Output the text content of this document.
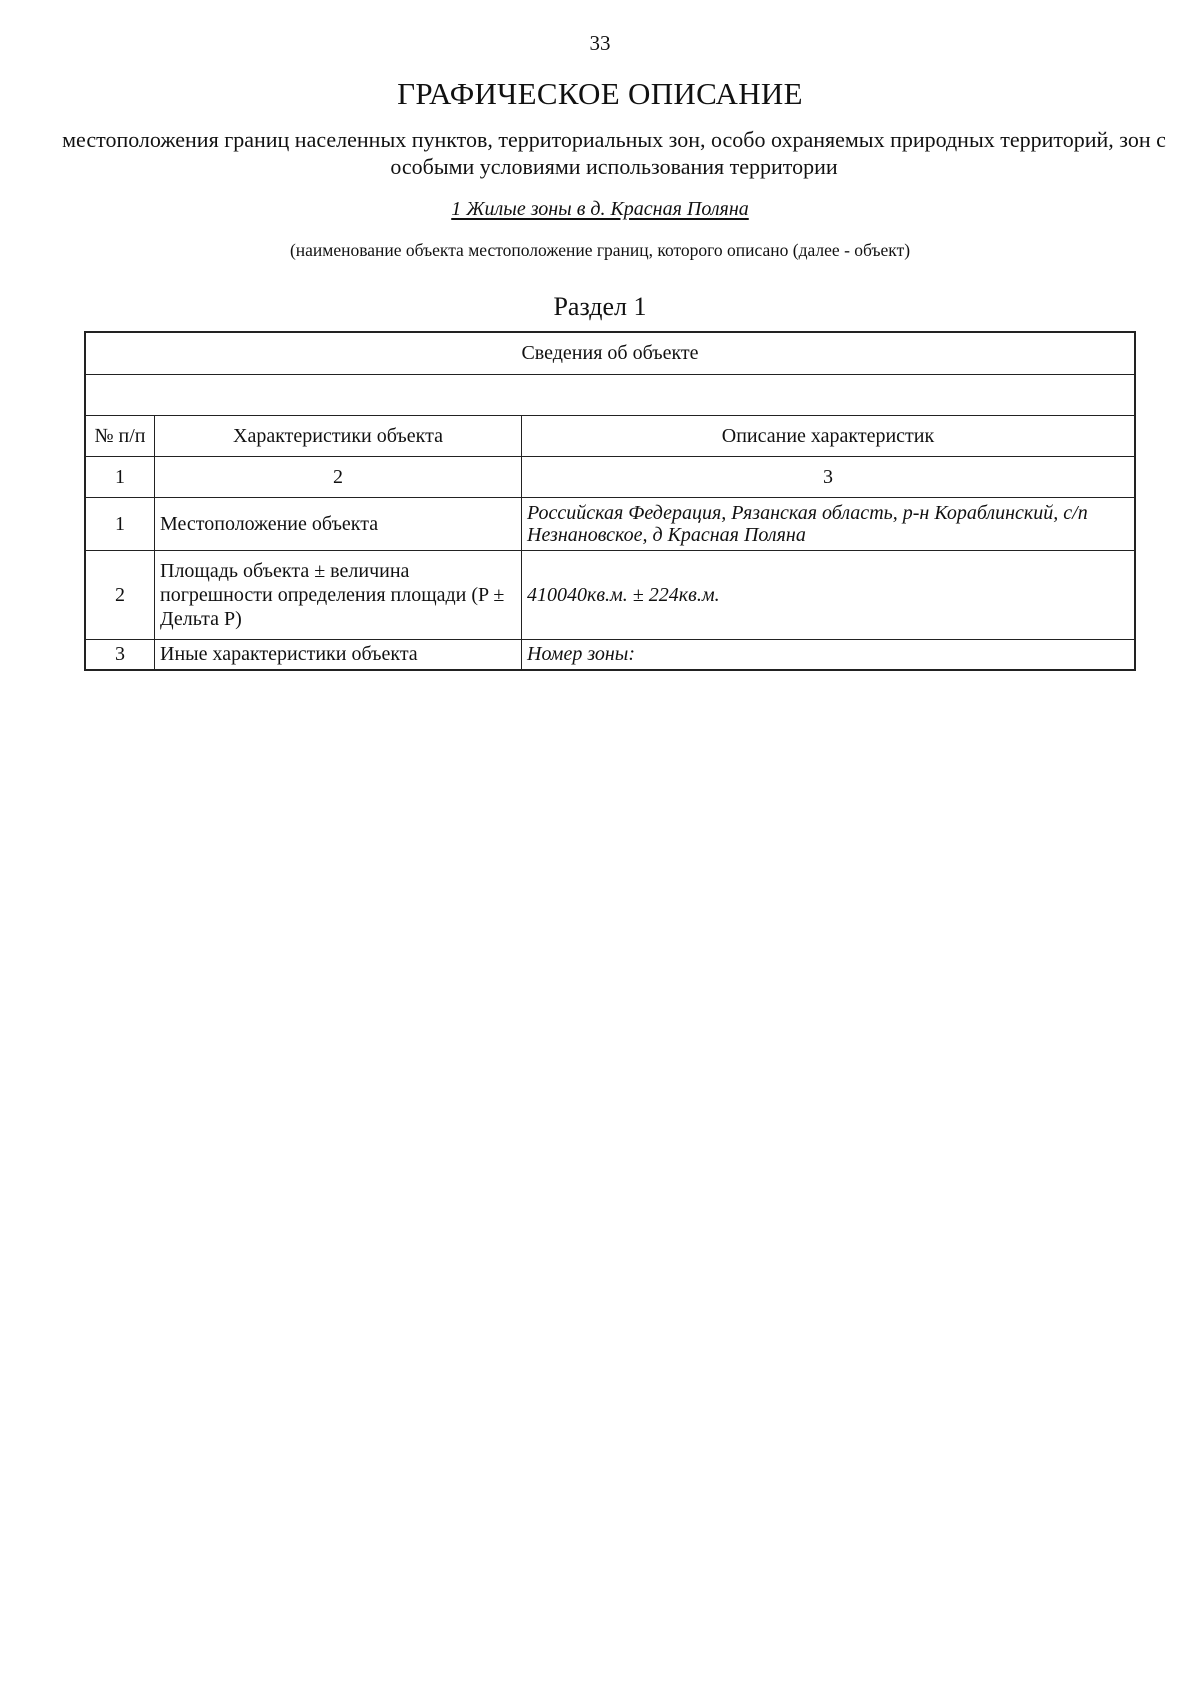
33
ГРАФИЧЕСКОЕ ОПИСАНИЕ
местоположения границ населенных пунктов, территориальных зон, особо охраняемых природных территорий, зон с особыми условиями использования территории
1 Жилые зоны в д. Красная Поляна
(наименование объекта местоположение границ, которого описано (далее - объект)
Раздел 1
Сведения об объекте		

№ п/п	Характеристики объекта	Описание характеристик
1	2	3
1	Местоположение объекта	Российская Федерация, Рязанская область, р-н Кораблинский, с/п Незнановское, д Красная Поляна
2	Площадь объекта ± величина погрешности определения площади (P ± Дельта P)	410040кв.м. ± 224кв.м.
3	Иные характеристики объекта	Номер зоны:
